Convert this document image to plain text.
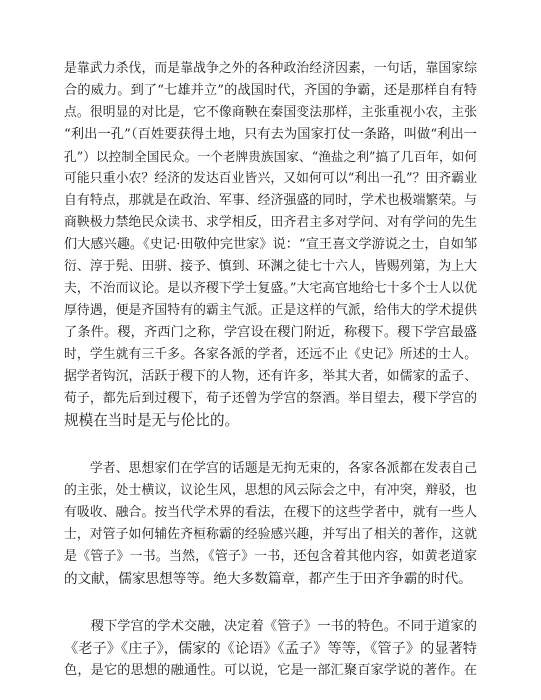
是靠武力杀伐，而是靠战争之外的各种政治经济因素，一句话，靠国家综
合的威力。到了“七雄并立”的战国时代，齐国的争霸，还是那样自有特
点。很明显的对比是，它不像商鞅在秦国变法那样，主张重视小农，主张
“利出一孔”（百姓要获得土地，只有去为国家打仗一条路，叫做“利出一
孔”）以控制全国民众。一个老牌贵族国家、“渔盐之利”搞了几百年，如何
可能只重小农？经济的发达百业皆兴，又如何可以“利出一孔”？田齐霸业
自有特点，那就是在政治、军事、经济强盛的同时，学术也极端繁荣。与
商鞅极力禁绝民众读书、求学相反，田齐君主多对学问、对有学问的先生
们大感兴趣。《史记·田敬仲完世家》说：“宣王喜文学游说之士，自如邹
衍、淳于髡、田骈、接予、慎到、环渊之徒七十六人，皆赐列第，为上大
夫，不治而议论。是以齐稷下学士复盛。”大宅高官地给七十多个士人以优
厚待遇，便是齐国特有的霸主气派。正是这样的气派，给伟大的学术提供
了条件。稷，齐西门之称，学宫设在稷门附近，称稷下。稷下学宫最盛
时，学生就有三千多。各家各派的学者，还远不止《史记》所述的士人。
据学者钩沉，活跃于稷下的人物，还有许多，举其大者，如儒家的孟子、
荀子，都先后到过稷下，荀子还曾为学宫的祭酒。举目望去，稷下学宫的
规模在当时是无与伦比的。
　　学者、思想家们在学宫的话题是无拘无束的，各家各派都在发表自己
的主张，处士横议，议论生风，思想的风云际会之中，有冲突，辩驳，也
有吸收、融合。按当代学术界的看法，在稷下的这些学者中，就有一些人
士，对管子如何辅佐齐桓称霸的经验感兴趣，并写出了相关的著作，这就
是《管子》一书。当然，《管子》一书，还包含着其他内容，如黄老道家
的文献，儒家思想等等。绝大多数篇章，都产生于田齐争霸的时代。
　　稷下学宫的学术交融，决定着《管子》一书的特色。不同于道家的
《老子》《庄子》，儒家的《论语》《孟子》等等，《管子》的显著特
色，是它的思想的融通性。可以说，它是一部汇聚百家学说的著作。在
